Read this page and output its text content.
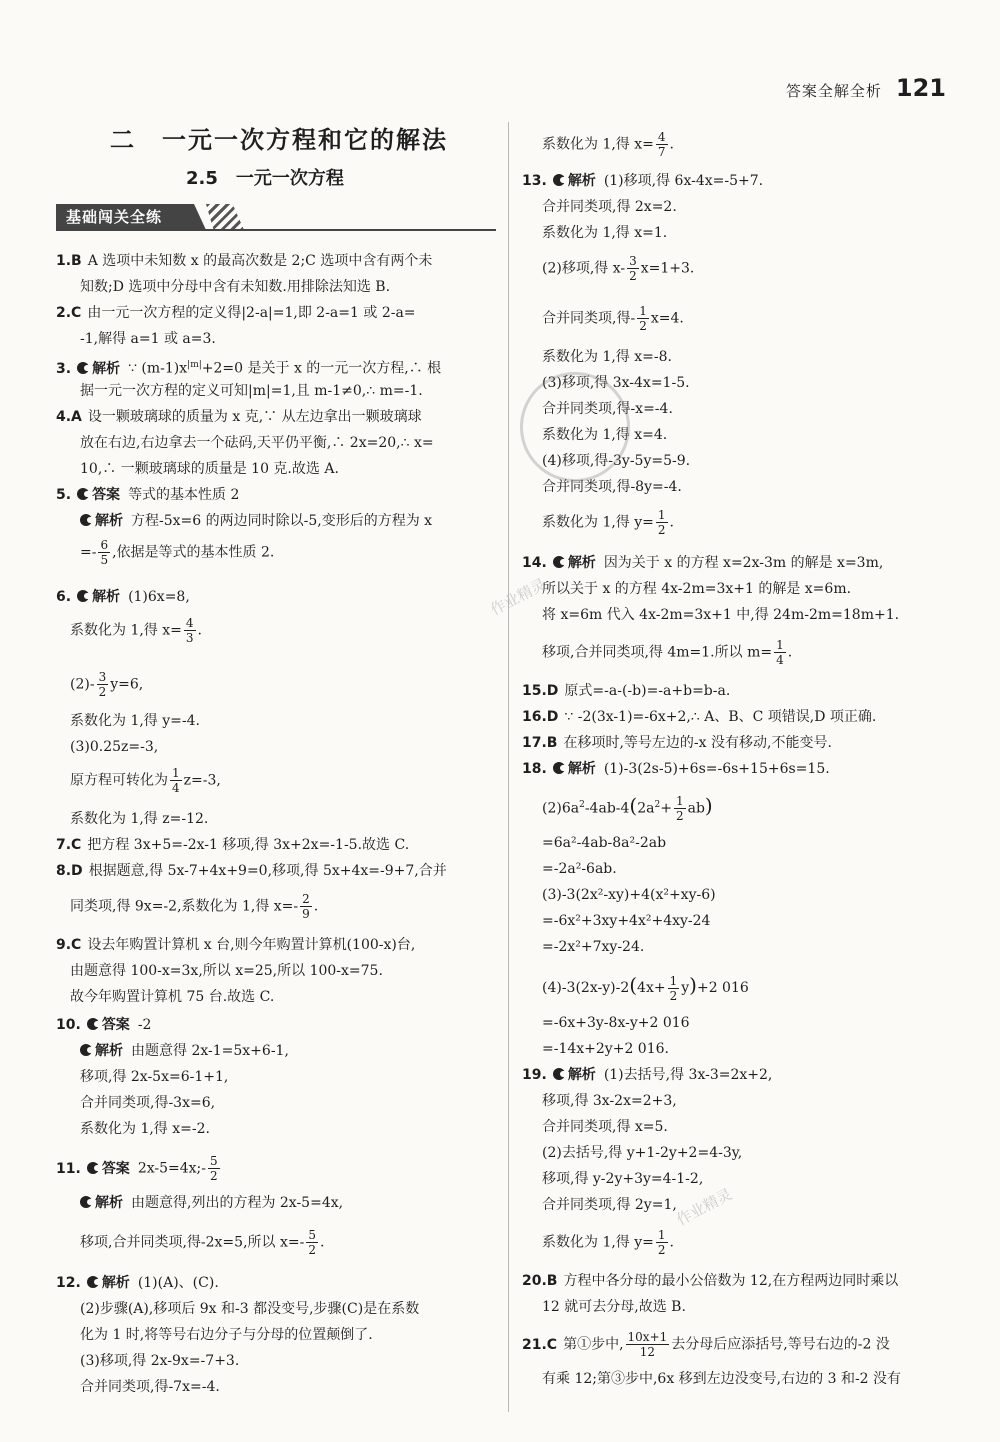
答案全解全析 121
二　一元一次方程和它的解法
2.5　一元一次方程
基础闯关全练
1.B A 选项中未知数 x 的最高次数是 2;C 选项中含有两个未
知数;D 选项中分母中含有未知数.用排除法知选 B.
2.C 由一元一次方程的定义得|2-a|=1,即 2-a=1 或 2-a=
-1,解得 a=1 或 a=3.
3. 解析 ∵ $(m-1)x^{|m|}+2=0$ 是关于 x 的一元一次方程,∴ 根
据一元一次方程的定义可知|m|=1,且 m-1≠0,∴ m=-1.
4.A 设一颗玻璃球的质量为 x 克,∵ 从左边拿出一颗玻璃球
放在右边,右边拿去一个砝码,天平仍平衡,∴ 2x=20,∴ x=
10,∴ 一颗玻璃球的质量是 10 克.故选 A.
5. 答案 等式的基本性质 2
解析 方程-5x=6 的两边同时除以-5,变形后的方程为 x
=- $\frac{6}{5}$ ,依据是等式的基本性质 2.
6. 解析 (1)6x=8,
系数化为 1,得 $x= \frac{4}{3}$ .
$(2)- \frac{3}{2} y=6$,
系数化为 1,得 y=-4.
(3)0.25z=-3,
原方程可转化为 $\frac{1}{4} z=-3$,
系数化为 1,得 z=-12.
7.C 把方程 3x+5=-2x-1 移项,得 3x+2x=-1-5.故选 C.
8.D 根据题意,得 5x-7+4x+9=0,移项,得 5x+4x=-9+7,合并
同类项,得 9x=-2,系数化为 1,得 $x=- \frac{2}{9}$ .
9.C 设去年购置计算机 x 台,则今年购置计算机(100-x)台,
由题意得 100-x=3x,所以 x=25,所以 100-x=75.
故今年购置计算机 75 台.故选 C.
10. 答案 -2
解析 由题意得 2x-1=5x+6-1,
移项,得 2x-5x=6-1+1,
合并同类项,得-3x=6,
系数化为 1,得 x=-2.
11. 答案 2x-5=4x;- $\frac{5}{2}$
解析 由题意得,列出的方程为 2x-5=4x,
移项,合并同类项,得-2x=5,所以 $x=- \frac{5}{2}$ .
12. 解析 (1)(A)、(C).
(2)步骤(A),移项后 9x 和-3 都没变号,步骤(C)是在系数
化为 1 时,将等号右边分子与分母的位置颠倒了.
(3)移项,得 2x-9x=-7+3.
合并同类项,得-7x=-4.
系数化为 1,得 $x= \frac{4}{7}$ .
13. 解析 (1)移项,得 6x-4x=-5+7.
合并同类项,得 2x=2.
系数化为 1,得 x=1.
(2)移项,得 $x- \frac{3}{2} x=1+3$.
合并同类项,得- $\frac{1}{2} x=4$.
系数化为 1,得 x=-8.
(3)移项,得 3x-4x=1-5.
合并同类项,得-x=-4.
系数化为 1,得 x=4.
(4)移项,得-3y-5y=5-9.
合并同类项,得-8y=-4.
系数化为 1,得 $y= \frac{1}{2}$ .
14. 解析 因为关于 x 的方程 x=2x-3m 的解是 x=3m,
所以关于 x 的方程 4x-2m=3x+1 的解是 x=6m.
将 x=6m 代入 4x-2m=3x+1 中,得 24m-2m=18m+1.
移项,合并同类项,得 4m=1.所以 $m= \frac{1}{4}$ .
15.D 原式=-a-(-b)=-a+b=b-a.
16.D ∵ -2(3x-1)=-6x+2,∴ A、B、C 项错误,D 项正确.
17.B 在移项时,等号左边的-x 没有移动,不能变号.
18. 解析 (1)-3(2s-5)+6s=-6s+15+6s=15.
$(2)6a^2-4ab-4(2a^2+ \frac{1}{2} ab)$
=6a²-4ab-8a²-2ab
=-2a²-6ab.
(3)-3(2x²-xy)+4(x²+xy-6)
=-6x²+3xy+4x²+4xy-24
=-2x²+7xy-24.
$(4)-3(2x-y)-2(4x+ \frac{1}{2} y)+2$ 016
=-6x+3y-8x-y+2 016
=-14x+2y+2 016.
19. 解析 (1)去括号,得 3x-3=2x+2,
移项,得 3x-2x=2+3,
合并同类项,得 x=5.
(2)去括号,得 y+1-2y+2=4-3y,
移项,得 y-2y+3y=4-1-2,
合并同类项,得 2y=1,
系数化为 1,得 $y= \frac{1}{2}$ .
20.B 方程中各分母的最小公倍数为 12,在方程两边同时乘以
12 就可去分母,故选 B.
21.C 第①步中, $\frac{10x+1}{12}$ 去分母后应添括号,等号右边的-2 没
有乘 12;第③步中,6x 移到左边没变号,右边的 3 和-2 没有
作业精灵
作业精灵
